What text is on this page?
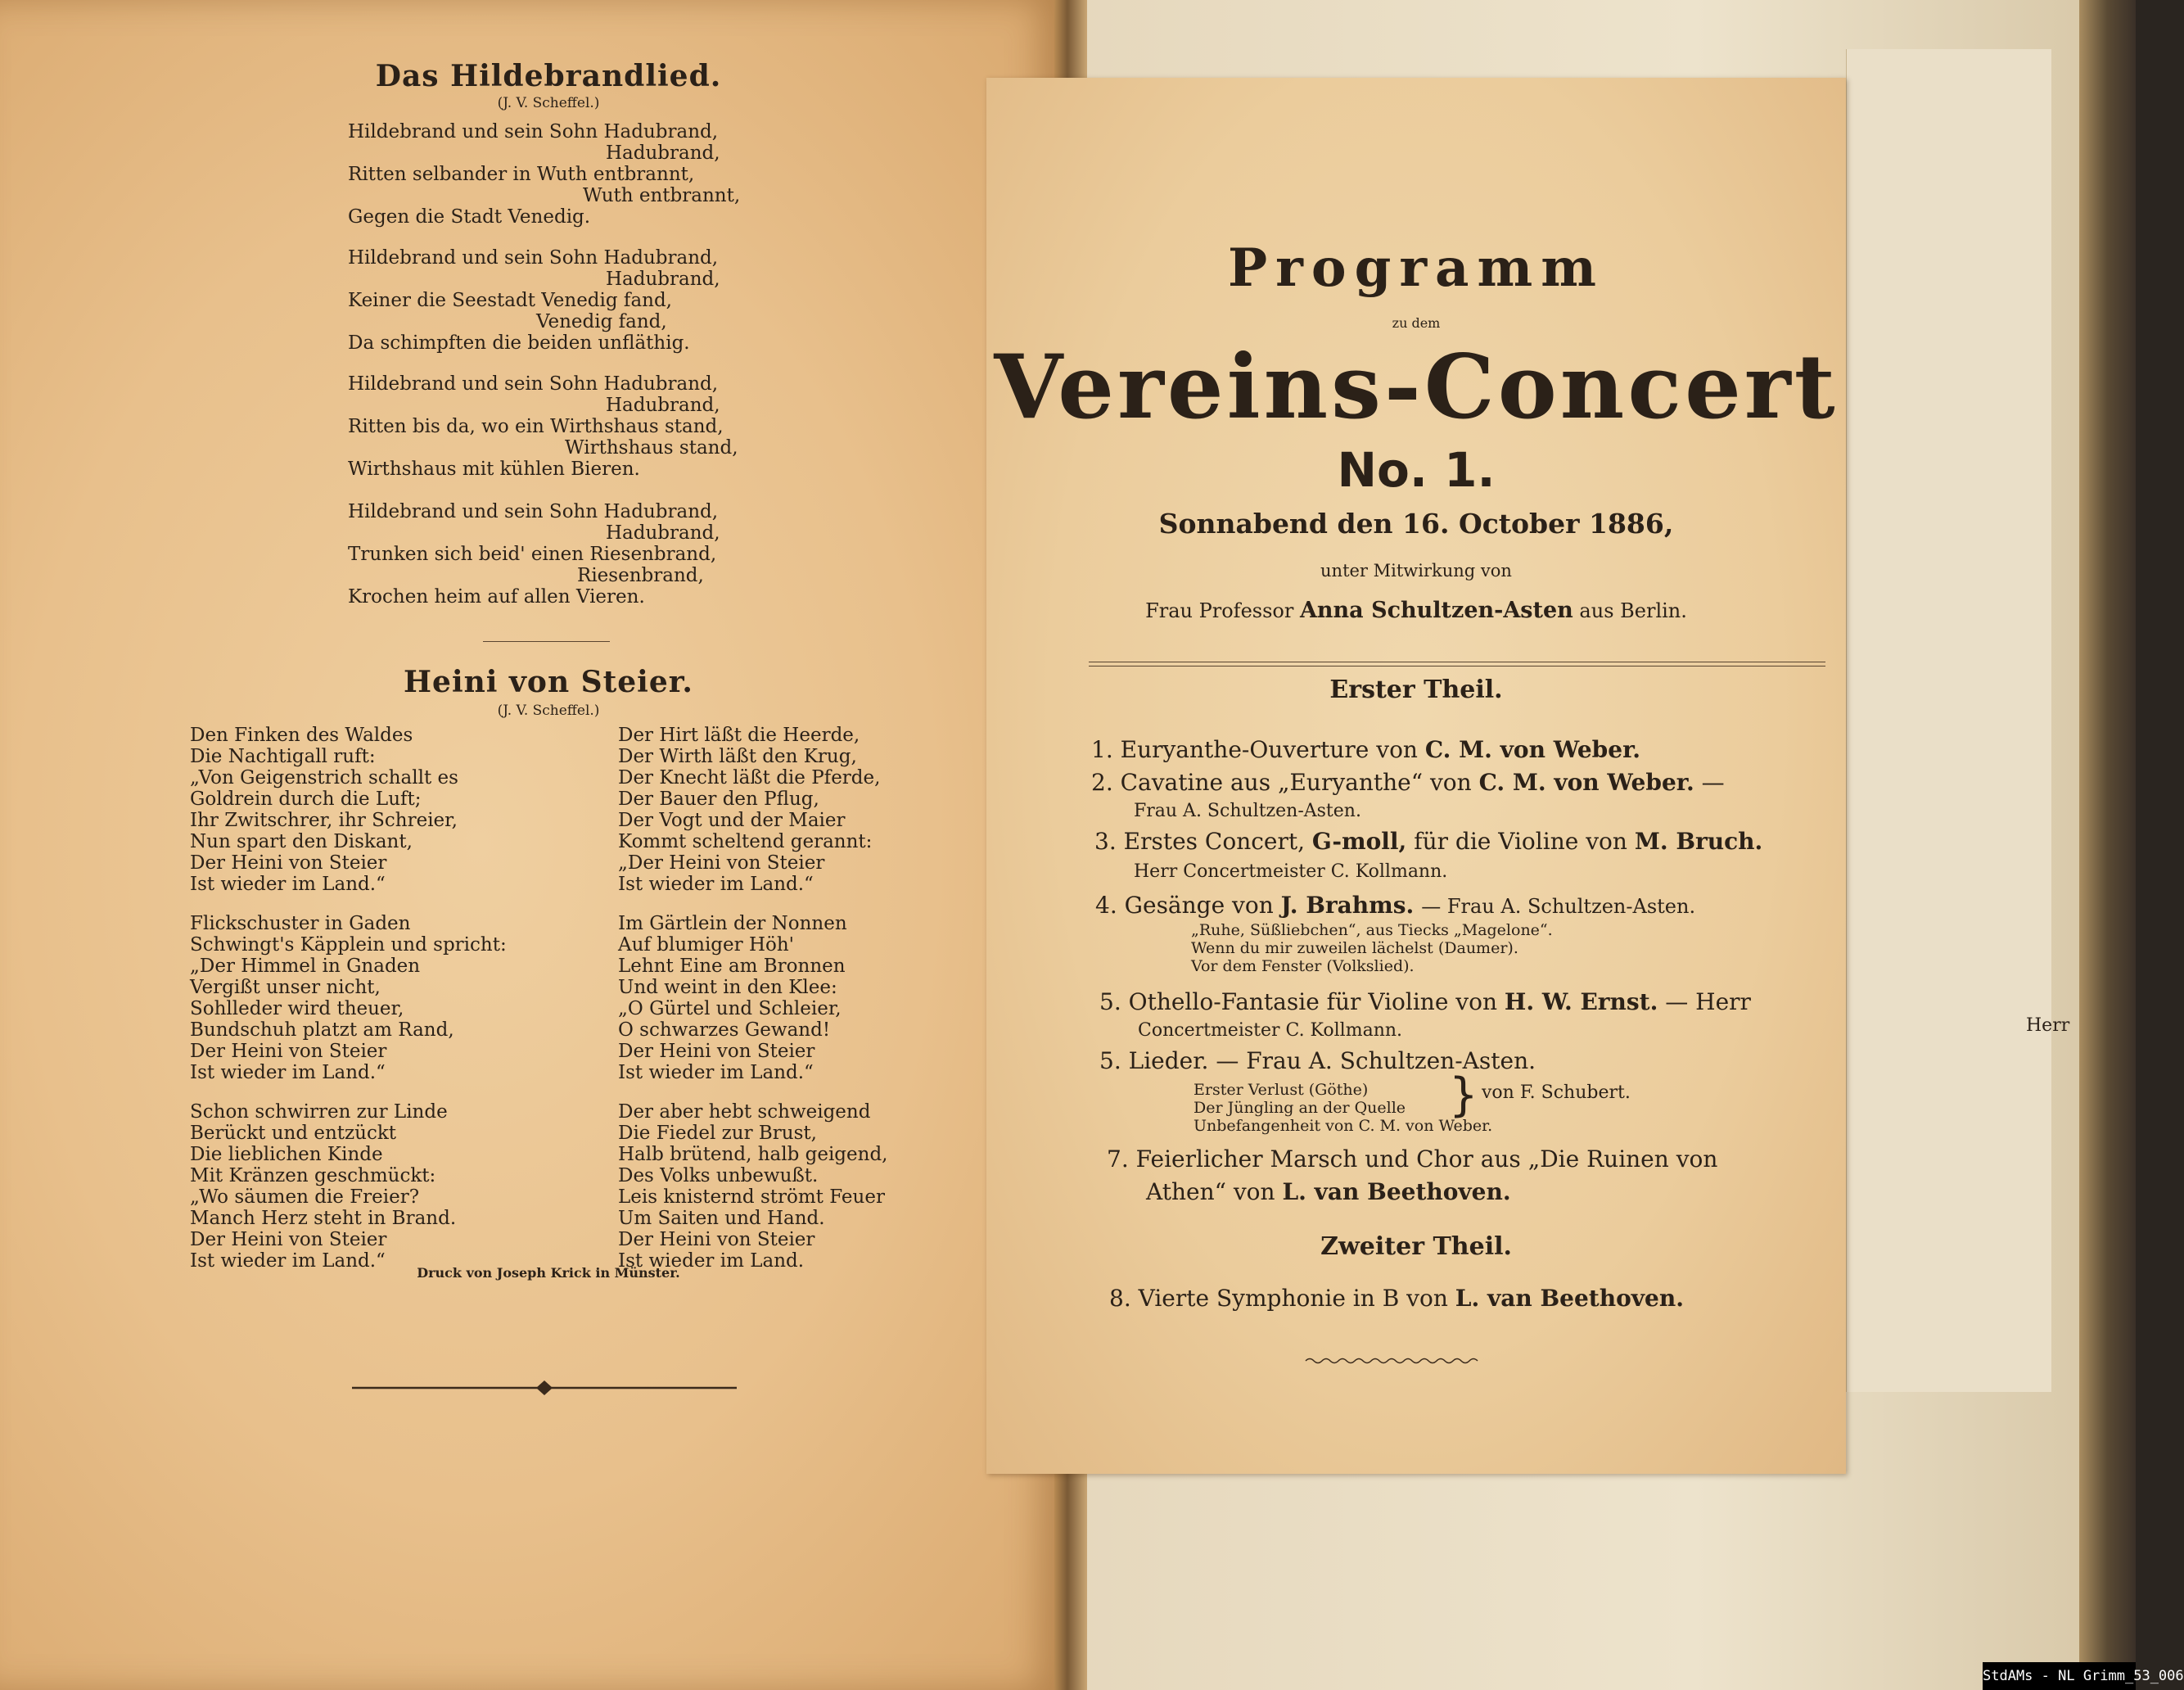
Das Hildebrandlied.
(J. V. Scheffel.)
Hildebrand und sein Sohn Hadubrand,
Hadubrand,
Ritten selbander in Wuth entbrannt,
Wuth entbrannt,
Gegen die Stadt Venedig.
Hildebrand und sein Sohn Hadubrand,
Hadubrand,
Keiner die Seestadt Venedig fand,
Venedig fand,
Da schimpften die beiden unfläthig.
Hildebrand und sein Sohn Hadubrand,
Hadubrand,
Ritten bis da, wo ein Wirthshaus stand,
Wirthshaus stand,
Wirthshaus mit kühlen Bieren.
Hildebrand und sein Sohn Hadubrand,
Hadubrand,
Trunken sich beid' einen Riesenbrand,
Riesenbrand,
Krochen heim auf allen Vieren.
Heini von Steier.
(J. V. Scheffel.)
Den Finken des Waldes
Die Nachtigall ruft:
„Von Geigenstrich schallt es
Goldrein durch die Luft;
Ihr Zwitschrer, ihr Schreier,
Nun spart den Diskant,
Der Heini von Steier
Ist wieder im Land.“
Flickschuster in Gaden
Schwingt's Käpplein und spricht:
„Der Himmel in Gnaden
Vergißt unser nicht,
Sohlleder wird theuer,
Bundschuh platzt am Rand,
Der Heini von Steier
Ist wieder im Land.“
Schon schwirren zur Linde
Berückt und entzückt
Die lieblichen Kinde
Mit Kränzen geschmückt:
„Wo säumen die Freier?
Manch Herz steht in Brand.
Der Heini von Steier
Ist wieder im Land.“
Der Hirt läßt die Heerde,
Der Wirth läßt den Krug,
Der Knecht läßt die Pferde,
Der Bauer den Pflug,
Der Vogt und der Maier
Kommt scheltend gerannt:
„Der Heini von Steier
Ist wieder im Land.“
Im Gärtlein der Nonnen
Auf blumiger Höh'
Lehnt Eine am Bronnen
Und weint in den Klee:
„O Gürtel und Schleier,
O schwarzes Gewand!
Der Heini von Steier
Ist wieder im Land.“
Der aber hebt schweigend
Die Fiedel zur Brust,
Halb brütend, halb geigend,
Des Volks unbewußt.
Leis knisternd strömt Feuer
Um Saiten und Hand.
Der Heini von Steier
Ist wieder im Land.
Druck von Joseph Krick in Münster.
Programm
zu dem
Vereins-Concert
No. 1.
Sonnabend den 16. October 1886,
unter Mitwirkung von
Frau Professor Anna Schultzen-Asten aus Berlin.
Erster Theil.
1. Euryanthe-Ouverture von C. M. von Weber.
2. Cavatine aus „Euryanthe“ von C. M. von Weber. —
Frau A. Schultzen-Asten.
3. Erstes Concert, G-moll, für die Violine von M. Bruch.
Herr Concertmeister C. Kollmann.
4. Gesänge von J. Brahms. — Frau A. Schultzen-Asten.
„Ruhe, Süßliebchen“, aus Tiecks „Magelone“.
Wenn du mir zuweilen lächelst (Daumer).
Vor dem Fenster (Volkslied).
5. Othello-Fantasie für Violine von H. W. Ernst. — Herr
Concertmeister C. Kollmann.
5. Lieder. — Frau A. Schultzen-Asten.
Erster Verlust (Göthe)
Der Jüngling an der Quelle
Unbefangenheit von C. M. von Weber.
} von F. Schubert.
7. Feierlicher Marsch und Chor aus „Die Ruinen von
Athen“ von L. van Beethoven.
Zweiter Theil.
8. Vierte Symphonie in B von L. van Beethoven.
Herr
StdAMs - NL Grimm_53_006
